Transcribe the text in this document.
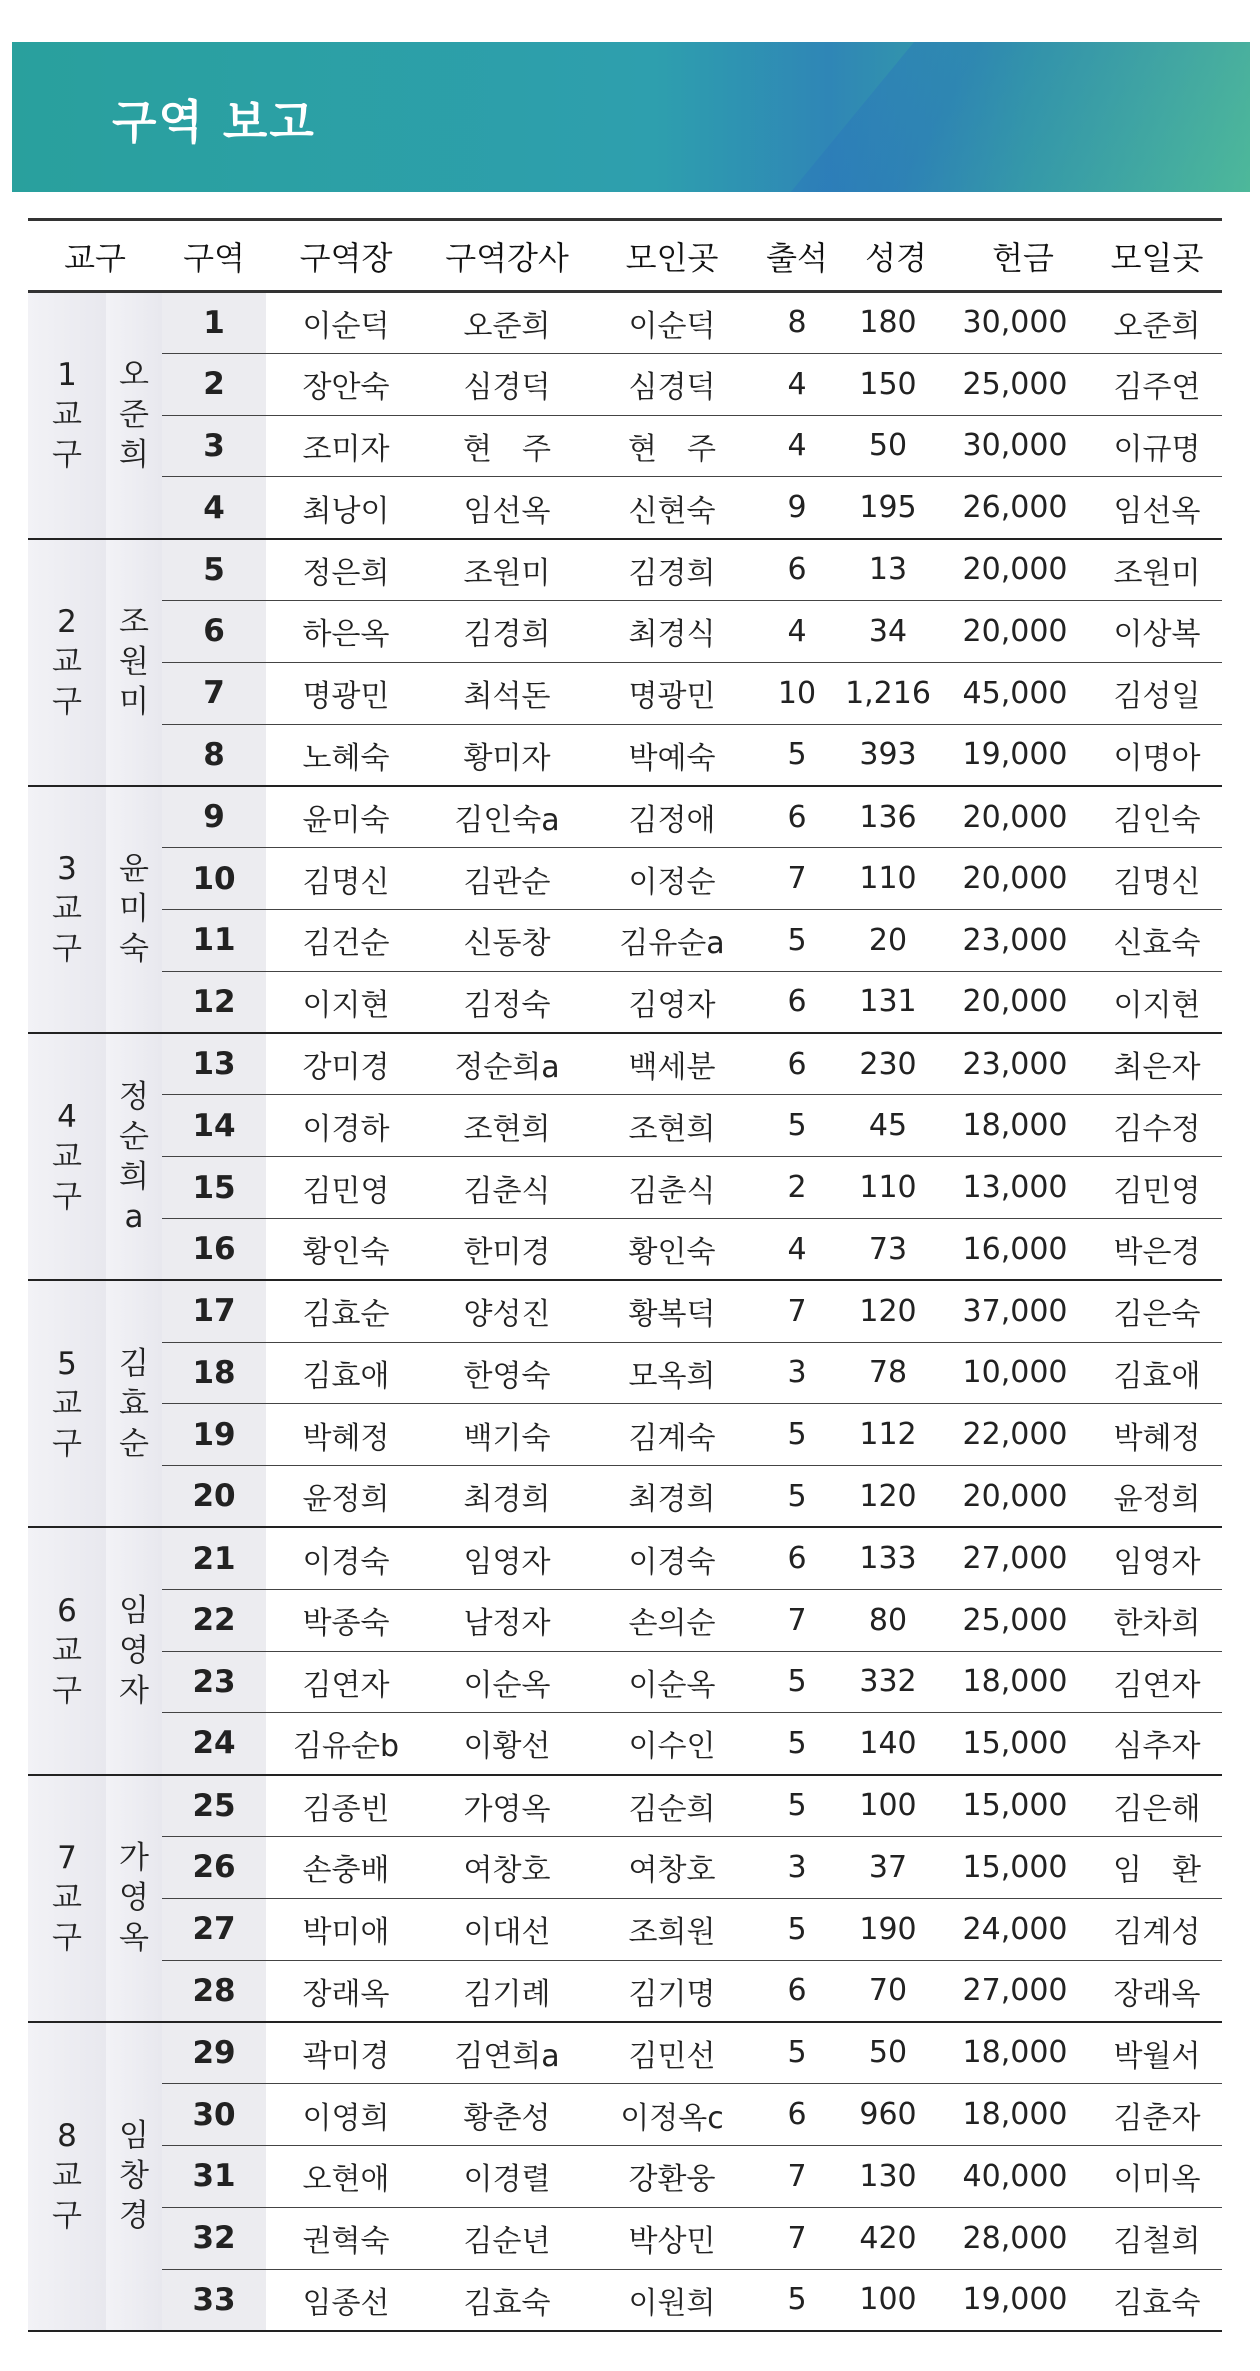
구역 보고
교구		구역	구역장	구역강사	모인곳	출석	성경	헌금	모일곳

1
교
구	오
준
희	1	이순덕	오준희	이순덕	8	180	30,000	오준희
		2	장안숙	심경덕	심경덕	4	150	25,000	김주연
		3	조미자	현　주	현　주	4	50	30,000	이규명
		4	최낭이	임선옥	신현숙	9	195	26,000	임선옥

2
교
구	조
원
미	5	정은희	조원미	김경희	6	13	20,000	조원미
		6	하은옥	김경희	최경식	4	34	20,000	이상복
		7	명광민	최석돈	명광민	10	1,216	45,000	김성일
		8	노혜숙	황미자	박예숙	5	393	19,000	이명아

3
교
구	윤
미
숙	9	윤미숙	김인숙a	김정애	6	136	20,000	김인숙
		10	김명신	김관순	이정순	7	110	20,000	김명신
		11	김건순	신동창	김유순a	5	20	23,000	신효숙
		12	이지현	김정숙	김영자	6	131	20,000	이지현

4
교
구	정
순
희
a	13	강미경	정순희a	백세분	6	230	23,000	최은자
		14	이경하	조현희	조현희	5	45	18,000	김수정
		15	김민영	김춘식	김춘식	2	110	13,000	김민영
		16	황인숙	한미경	황인숙	4	73	16,000	박은경

5
교
구	김
효
순	17	김효순	양성진	황복덕	7	120	37,000	김은숙
		18	김효애	한영숙	모옥희	3	78	10,000	김효애
		19	박혜정	백기숙	김계숙	5	112	22,000	박혜정
		20	윤정희	최경희	최경희	5	120	20,000	윤정희

6
교
구	임
영
자	21	이경숙	임영자	이경숙	6	133	27,000	임영자
		22	박종숙	남정자	손의순	7	80	25,000	한차희
		23	김연자	이순옥	이순옥	5	332	18,000	김연자
		24	김유순b	이황선	이수인	5	140	15,000	심추자

7
교
구	가
영
옥	25	김종빈	가영옥	김순희	5	100	15,000	김은해
		26	손충배	여창호	여창호	3	37	15,000	임　환
		27	박미애	이대선	조희원	5	190	24,000	김계성
		28	장래옥	김기례	김기명	6	70	27,000	장래옥

8
교
구	임
창
경	29	곽미경	김연희a	김민선	5	50	18,000	박월서
		30	이영희	황춘성	이정옥c	6	960	18,000	김춘자
		31	오현애	이경렬	강환웅	7	130	40,000	이미옥
		32	권혁숙	김순년	박상민	7	420	28,000	김철희
		33	임종선	김효숙	이원희	5	100	19,000	김효숙
